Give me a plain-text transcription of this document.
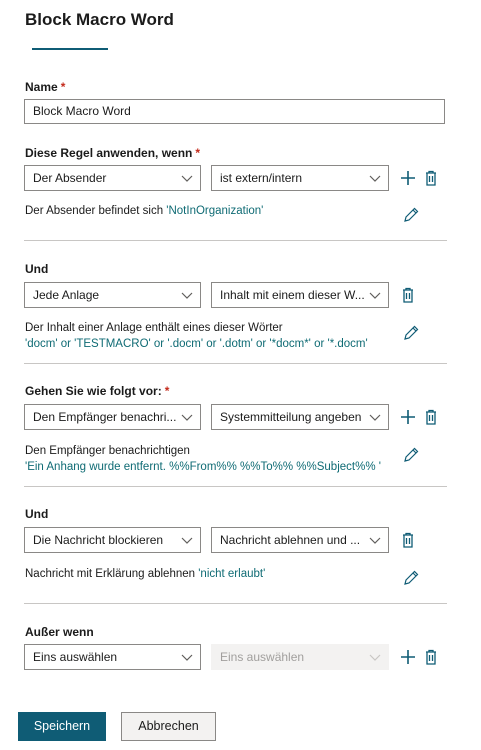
Block Macro Word
Name *
Block Macro Word
Diese Regel anwenden, wenn *
Der Absender	ist extern/intern
Der Absender befindet sich 'NotInOrganization'
Und
Jede Anlage	Inhalt mit einem dieser W...
Der Inhalt einer Anlage enthält eines dieser Wörter
'docm' or 'TESTMACRO' or '.docm' or '.dotm' or '*docm*' or '*.docm'
Gehen Sie wie folgt vor: *
Den Empfänger benachri...	Systemmitteilung angeben
Den Empfänger benachrichtigen
'Ein Anhang wurde entfernt. %%From%% %%To%% %%Subject%% '
Und
Die Nachricht blockieren	Nachricht ablehnen und ...
Nachricht mit Erklärung ablehnen 'nicht erlaubt'
Außer wenn
Eins auswählen	Eins auswählen
Speichern	Abbrechen
